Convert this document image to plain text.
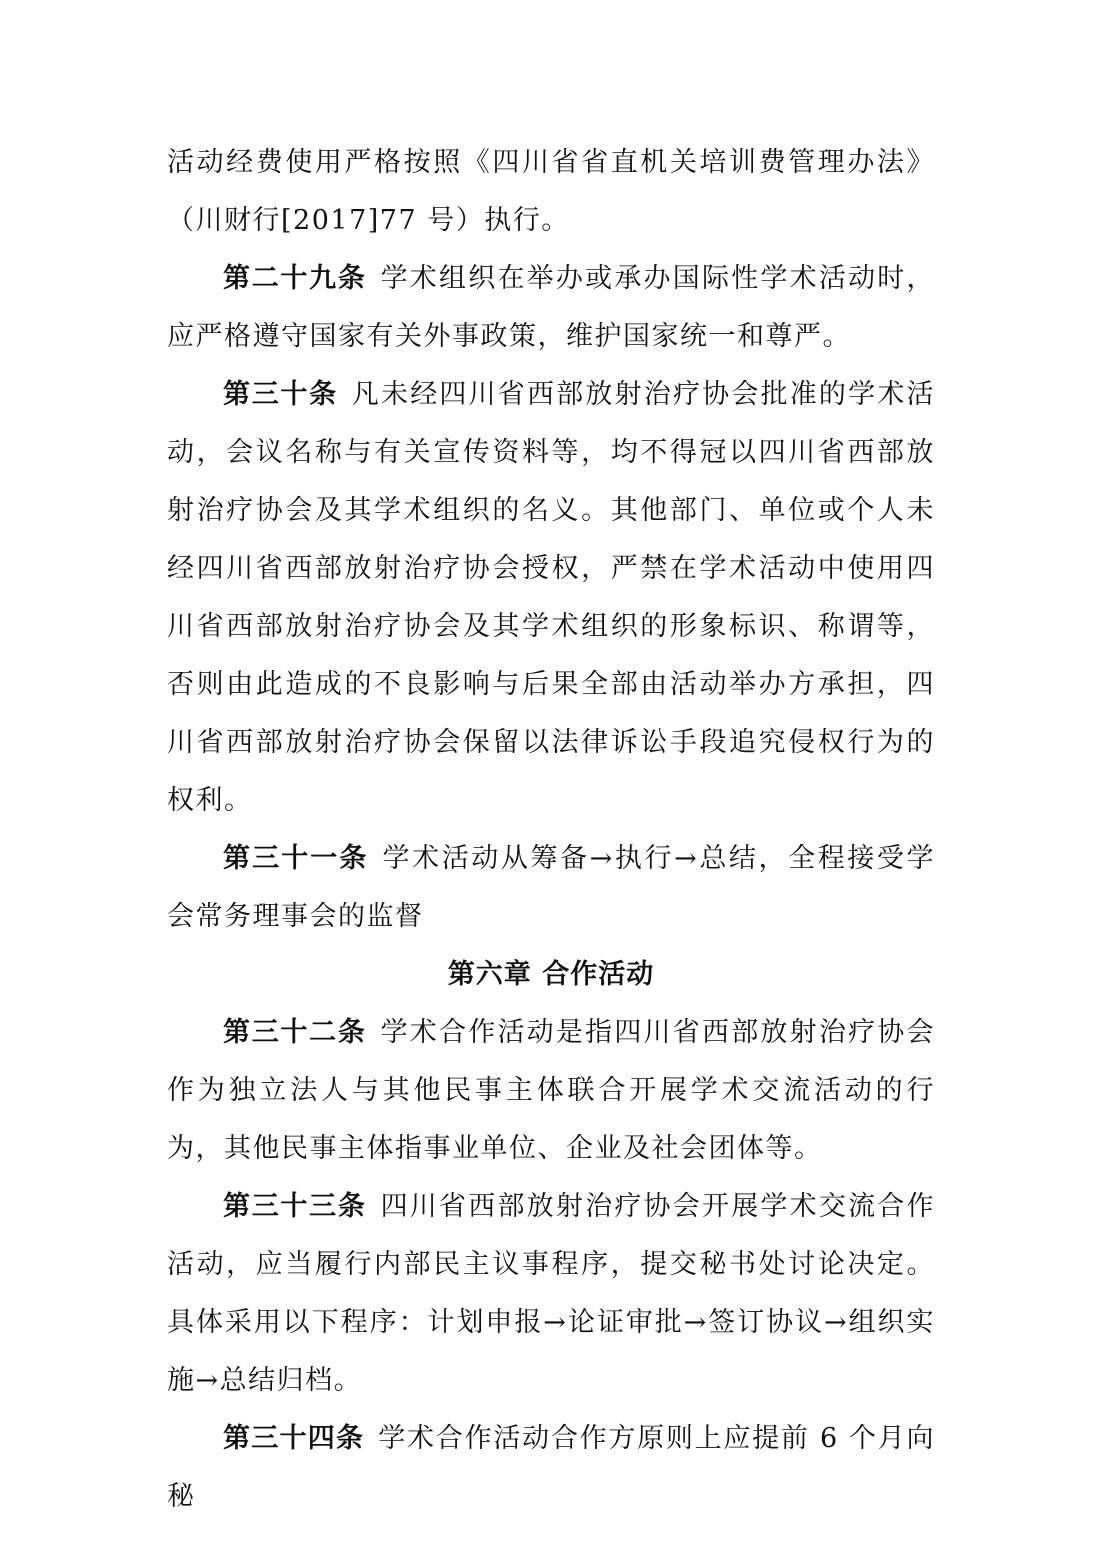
活动经费使用严格按照《四川省省直机关培训费管理办法》（川财行[2017]77 号）执行。

第二十九条 学术组织在举办或承办国际性学术活动时，应严格遵守国家有关外事政策，维护国家统一和尊严。

第三十条 凡未经四川省西部放射治疗协会批准的学术活动，会议名称与有关宣传资料等，均不得冠以四川省西部放射治疗协会及其学术组织的名义。其他部门、单位或个人未经四川省西部放射治疗协会授权，严禁在学术活动中使用四川省西部放射治疗协会及其学术组织的形象标识、称谓等，否则由此造成的不良影响与后果全部由活动举办方承担，四川省西部放射治疗协会保留以法律诉讼手段追究侵权行为的权利。

第三十一条 学术活动从筹备→执行→总结，全程接受学会常务理事会的监督

第六章 合作活动

第三十二条 学术合作活动是指四川省西部放射治疗协会作为独立法人与其他民事主体联合开展学术交流活动的行为，其他民事主体指事业单位、企业及社会团体等。

第三十三条 四川省西部放射治疗协会开展学术交流合作活动，应当履行内部民主议事程序，提交秘书处讨论决定。具体采用以下程序：计划申报→论证审批→签订协议→组织实施→总结归档。

第三十四条 学术合作活动合作方原则上应提前 6 个月向秘
